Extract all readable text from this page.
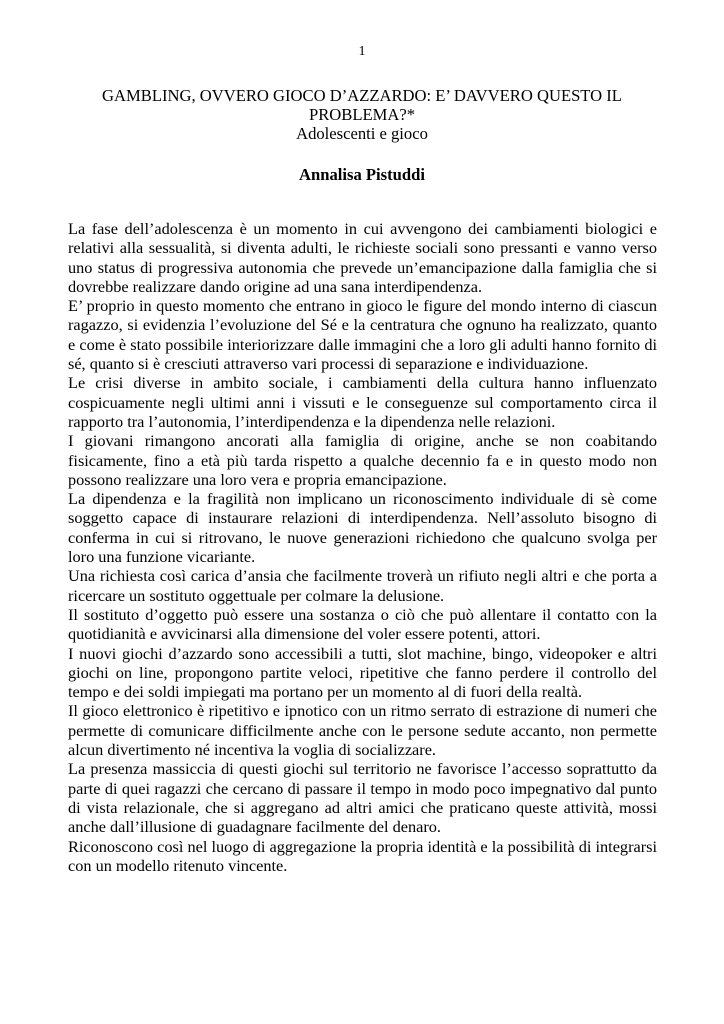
1
GAMBLING, OVVERO GIOCO D’AZZARDO: E’ DAVVERO QUESTO IL PROBLEMA?*
Adolescenti e gioco
Annalisa Pistuddi

La fase dell’adolescenza è un momento in cui avvengono dei cambiamenti biologici e relativi alla sessualità, si diventa adulti, le richieste sociali sono pressanti e vanno verso uno status di progressiva autonomia che prevede un’emancipazione dalla famiglia che si dovrebbe realizzare dando origine ad una sana interdipendenza.

E’ proprio in questo momento che entrano in gioco le figure del mondo interno di ciascun ragazzo, si evidenzia l’evoluzione del Sé e la centratura che ognuno ha realizzato, quanto e come è stato possibile interiorizzare dalle immagini che a loro gli adulti hanno fornito di sé, quanto si è cresciuti attraverso vari processi di separazione e individuazione.

Le crisi diverse in ambito sociale, i cambiamenti della cultura hanno influenzato cospicuamente negli ultimi anni i vissuti e le conseguenze sul comportamento circa il rapporto tra l’autonomia, l’interdipendenza e la dipendenza nelle relazioni.

I giovani rimangono ancorati alla famiglia di origine, anche se non coabitando fisicamente, fino a età più tarda rispetto a qualche decennio fa e in questo modo non possono realizzare una loro vera e propria emancipazione.

La dipendenza e la fragilità non implicano un riconoscimento individuale di sè come soggetto capace di instaurare relazioni di interdipendenza. Nell’assoluto bisogno di conferma in cui si ritrovano, le nuove generazioni richiedono che qualcuno svolga per loro una funzione vicariante.

Una richiesta così carica d’ansia che facilmente troverà un rifiuto negli altri e che porta a ricercare un sostituto oggettuale per colmare la delusione.

Il sostituto d’oggetto può essere una sostanza o ciò che può allentare il contatto con la quotidianità e avvicinarsi alla dimensione del voler essere potenti, attori.

I nuovi giochi d’azzardo sono accessibili a tutti, slot machine, bingo, videopoker e altri giochi on line, propongono partite veloci, ripetitive che fanno perdere il controllo del tempo e dei soldi impiegati ma portano per un momento al di fuori della realtà.

Il gioco elettronico è ripetitivo e ipnotico con un ritmo serrato di estrazione di numeri che permette di comunicare difficilmente anche con le persone sedute accanto, non permette alcun divertimento né incentiva la voglia di socializzare.

La presenza massiccia di questi giochi sul territorio ne favorisce l’accesso soprattutto da parte di quei ragazzi che cercano di passare il tempo in modo poco impegnativo dal punto di vista relazionale, che si aggregano ad altri amici che praticano queste attività, mossi anche dall’illusione di guadagnare facilmente del denaro.

Riconoscono così nel luogo di aggregazione la propria identità e la possibilità di integrarsi con un modello ritenuto vincente.
